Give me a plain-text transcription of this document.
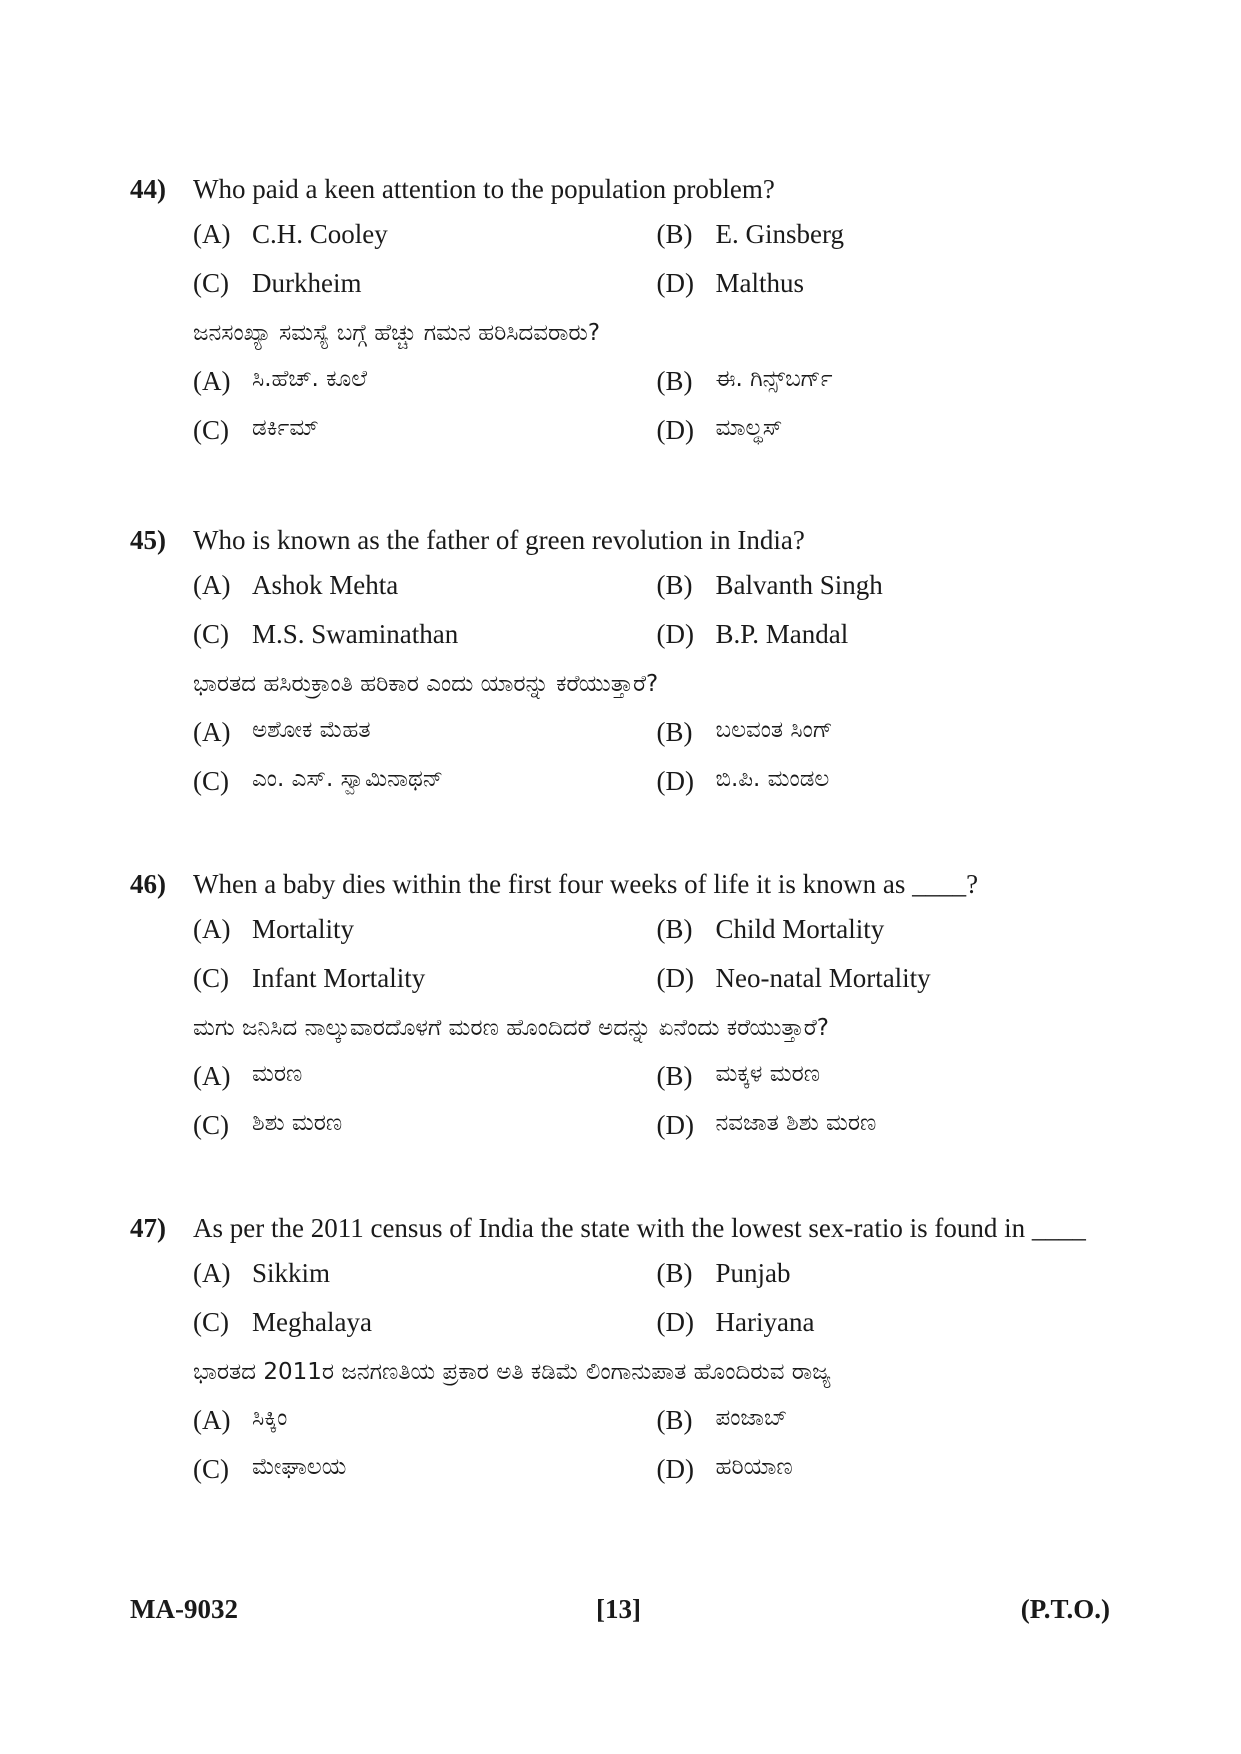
44) Who paid a keen attention to the population problem?
(A) C.H. Cooley	(B) E. Ginsberg
(C) Durkheim	(D) Malthus
ಜನಸಂಖ್ಯಾ ಸಮಸ್ಯೆ ಬಗ್ಗೆ ಹೆಚ್ಚು ಗಮನ ಹರಿಸಿದವರಾರು?
(A) ಸಿ.ಹೆಚ್. ಕೂಲೆ	(B)	ಈ. ಗಿನ್ಸ್‌ಬರ್ಗ್
(C)	ಡರ್ಕಿಮ್	(D) ಮಾಲ್ಥಸ್
45) Who is known as the father of green revolution in India?
(A) Ashok Mehta	(B) Balvanth Singh
(C) M.S. Swaminathan	(D) B.P. Mandal
ಭಾರತದ ಹಸಿರುಕ್ರಾಂತಿ ಹರಿಕಾರ ಎಂದು ಯಾರನ್ನು ಕರೆಯುತ್ತಾರೆ?
(A) ಅಶೋಕ ಮೆಹತ	(B)	ಬಲವಂತ ಸಿಂಗ್
(C)	ಎಂ. ಎಸ್. ಸ್ವಾಮಿನಾಥನ್	(D) ಬಿ.ಪಿ. ಮಂಡಲ
46) When a baby dies within the first four weeks of life it is known as ____?
(A) Mortality	(B) Child Mortality
(C) Infant Mortality	(D) Neo-natal Mortality
ಮಗು ಜನಿಸಿದ ನಾಲ್ಕುವಾರದೊಳಗೆ ಮರಣ ಹೊಂದಿದರೆ ಅದನ್ನು ಏನೆಂದು ಕರೆಯುತ್ತಾರೆ?
(A) ಮರಣ	(B)	ಮಕ್ಕಳ ಮರಣ
(C)	ಶಿಶು ಮರಣ	(D) ನವಜಾತ ಶಿಶು ಮರಣ
47) As per the 2011 census of India the state with the lowest sex-ratio is found in ____
(A) Sikkim	(B) Punjab
(C) Meghalaya	(D) Hariyana
ಭಾರತದ 2011ರ ಜನಗಣತಿಯ ಪ್ರಕಾರ ಅತಿ ಕಡಿಮೆ ಲಿಂಗಾನುಪಾತ ಹೊಂದಿರುವ ರಾಜ್ಯ
(A) ಸಿಕ್ಕಿಂ	(B)	ಪಂಜಾಬ್
(C)	ಮೇಘಾಲಯ	(D) ಹರಿಯಾಣ
MA-9032	[13]	(P.T.O.)
